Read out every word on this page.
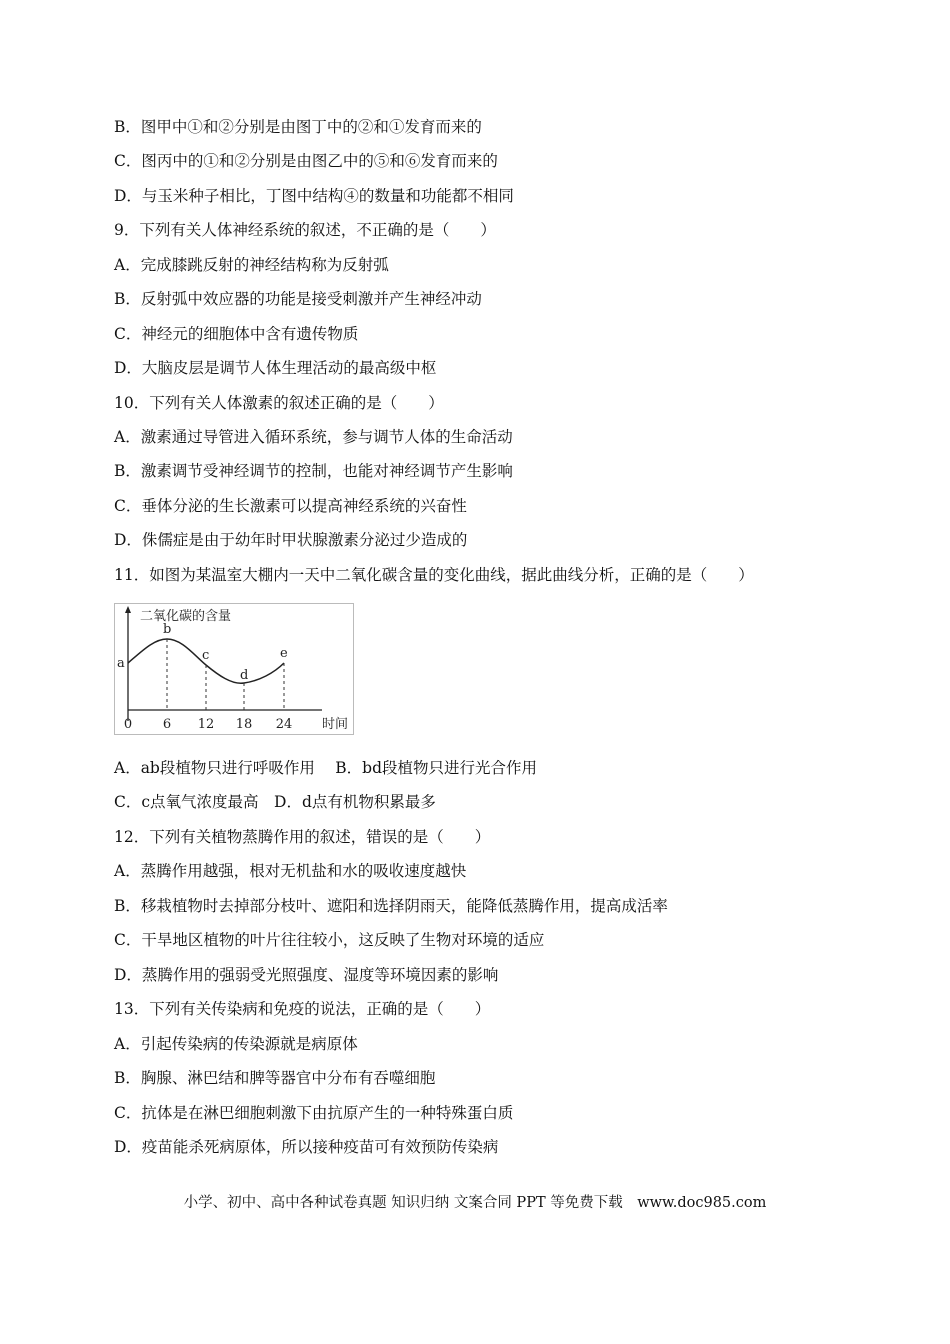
B．图甲中①和②分别是由图丁中的②和①发育而来的
C．图丙中的①和②分别是由图乙中的⑤和⑥发育而来的
D．与玉米种子相比，丁图中结构④的数量和功能都不相同
9．下列有关人体神经系统的叙述，不正确的是（　　）
A．完成膝跳反射的神经结构称为反射弧
B．反射弧中效应器的功能是接受刺激并产生神经冲动
C．神经元的细胞体中含有遗传物质
D．大脑皮层是调节人体生理活动的最高级中枢
10．下列有关人体激素的叙述正确的是（　　）
A．激素通过导管进入循环系统，参与调节人体的生命活动
B．激素调节受神经调节的控制，也能对神经调节产生影响
C．垂体分泌的生长激素可以提高神经系统的兴奋性
D．侏儒症是由于幼年时甲状腺激素分泌过少造成的
11．如图为某温室大棚内一天中二氧化碳含量的变化曲线，据此曲线分析，正确的是（　　）
A．ab段植物只进行呼吸作用　 B．bd段植物只进行光合作用
C．c点氧气浓度最高　D．d点有机物积累最多
12．下列有关植物蒸腾作用的叙述，错误的是（　　）
A．蒸腾作用越强，根对无机盐和水的吸收速度越快
B．移栽植物时去掉部分枝叶、遮阳和选择阴雨天，能降低蒸腾作用，提高成活率
C．干旱地区植物的叶片往往较小，这反映了生物对环境的适应
D．蒸腾作用的强弱受光照强度、湿度等环境因素的影响
13．下列有关传染病和免疫的说法，正确的是（　　）
A．引起传染病的传染源就是病原体
B．胸腺、淋巴结和脾等器官中分布有吞噬细胞
C．抗体是在淋巴细胞刺激下由抗原产生的一种特殊蛋白质
D．疫苗能杀死病原体，所以接种疫苗可有效预防传染病
二氧化碳的含量
时间
a
b
c
d
e
0 6 12 18 24
小学、初中、高中各种试卷真题 知识归纳 文案合同 PPT 等免费下载　www.doc985.com
